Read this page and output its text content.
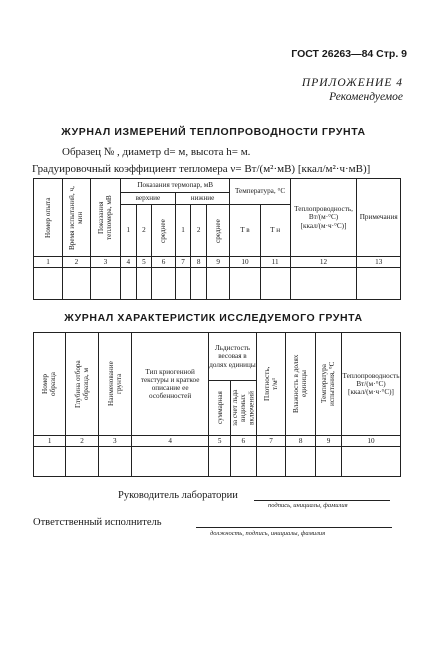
ГОСТ 26263—84 Стр. 9
ПРИЛОЖЕНИЕ 4
Рекомендуемое
ЖУРНАЛ ИЗМЕРЕНИЙ ТЕПЛОПРОВОДНОСТИ ГРУНТА
Образец № , диаметр d= м, высота h= м.
Градуировочный коэффициент тепломера ν= Вт/(м²·мВ) [ккал/м²·ч·мВ)]
Номер опыта	Время испытаний, ч, мин	Показания тепломера, мВ	Показания термопар, мВ						Температура, °C		Теплопроводность, Вт/(м·°C) [ккал/(м·ч·°C)]	Примечания
			верхние			нижние						
			1	2	среднее	1	2	среднее	T в	T н		
1	2	3	4	5	6	7	8	9	10	11	12	13

ЖУРНАЛ ХАРАКТЕРИСТИК ИССЛЕДУЕМОГО ГРУНТА
Номер образца	Глубина отбора образца, м	Наименование грунта	Тип криогенной текстуры и краткое описание ее особенностей	Льдистость весовая в долях единицы		Плотность, т/м³	Влажность в долях единицы	Температура испытания, °C	Теплопроводность Вт/(м·°C) [ккал/(м·ч·°C)]

				суммарная	за счет льда видимых включений				

1	2	3	4	5	6	7	8	9	10

Руководитель лаборатории
подпись, инициалы, фамилия
Ответственный исполнитель
должность, подпись, инициалы, фамилия
